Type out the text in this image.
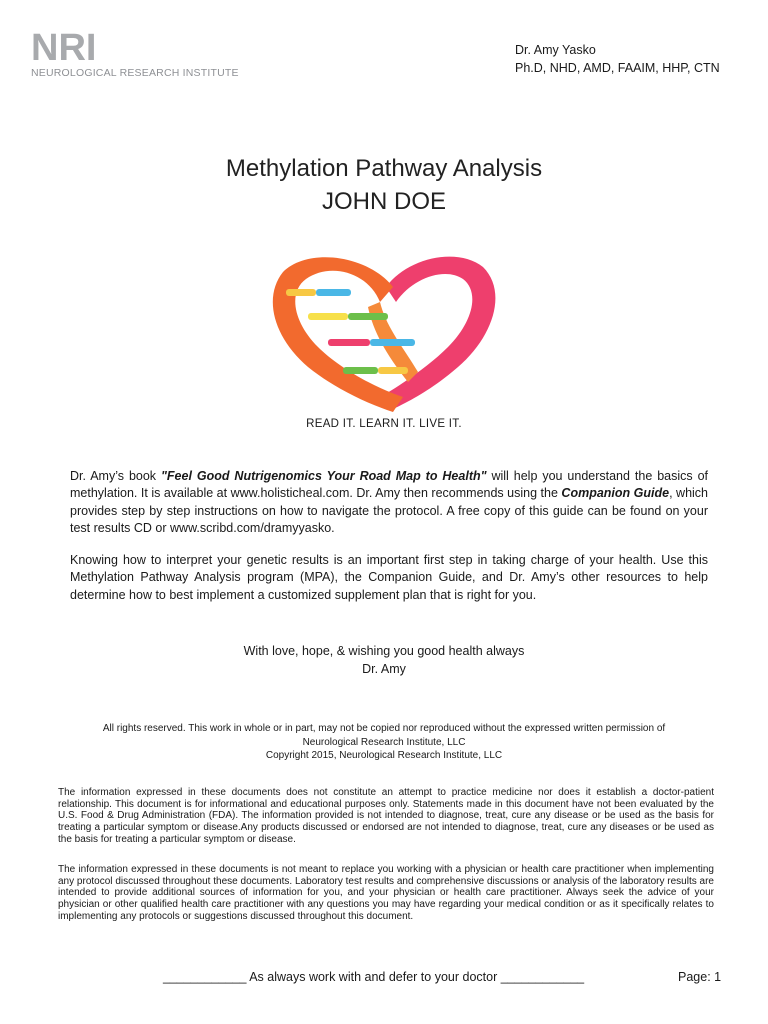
NRI
NEUROLOGICAL RESEARCH INSTITUTE
Dr. Amy Yasko
Ph.D, NHD, AMD, FAAIM, HHP, CTN
Methylation Pathway Analysis
JOHN DOE
READ IT. LEARN IT. LIVE IT.
Dr. Amy’s book "Feel Good Nutrigenomics Your Road Map to Health" will help you understand the basics of methylation. It is available at www.holisticheal.com. Dr. Amy then recommends using the Companion Guide, which provides step by step instructions on how to navigate the protocol. A free copy of this guide can be found on your test results CD or www.scribd.com/dramyyasko.
Knowing how to interpret your genetic results is an important first step in taking charge of your health. Use this Methylation Pathway Analysis program (MPA), the Companion Guide, and Dr. Amy’s other resources to help determine how to best implement a customized supplement plan that is right for you.
With love, hope, & wishing you good health always
Dr. Amy
All rights reserved. This work in whole or in part, may not be copied nor reproduced without the expressed written permission of
Neurological Research Institute, LLC
Copyright 2015, Neurological Research Institute, LLC
The information expressed in these documents does not constitute an attempt to practice medicine nor does it establish a doctor-patient relationship. This document is for informational and educational purposes only. Statements made in this document have not been evaluated by the U.S. Food & Drug Administration (FDA). The information provided is not intended to diagnose, treat, cure any disease or be used as the basis for treating a particular symptom or disease.Any products discussed or endorsed are not intended to diagnose, treat, cure any diseases or be used as the basis for treating a particular symptom or disease.
The information expressed in these documents is not meant to replace you working with a physician or health care practitioner when implementing any protocol discussed throughout these documents. Laboratory test results and comprehensive discussions or analysis of the laboratory results are intended to provide additional sources of information for you, and your physician or health care practitioner. Always seek the advice of your physician or other qualified health care practitioner with any questions you may have regarding your medical condition or as it specifically relates to implementing any protocols or suggestions discussed throughout this document.
____________ As always work with and defer to your doctor ____________	Page: 1
